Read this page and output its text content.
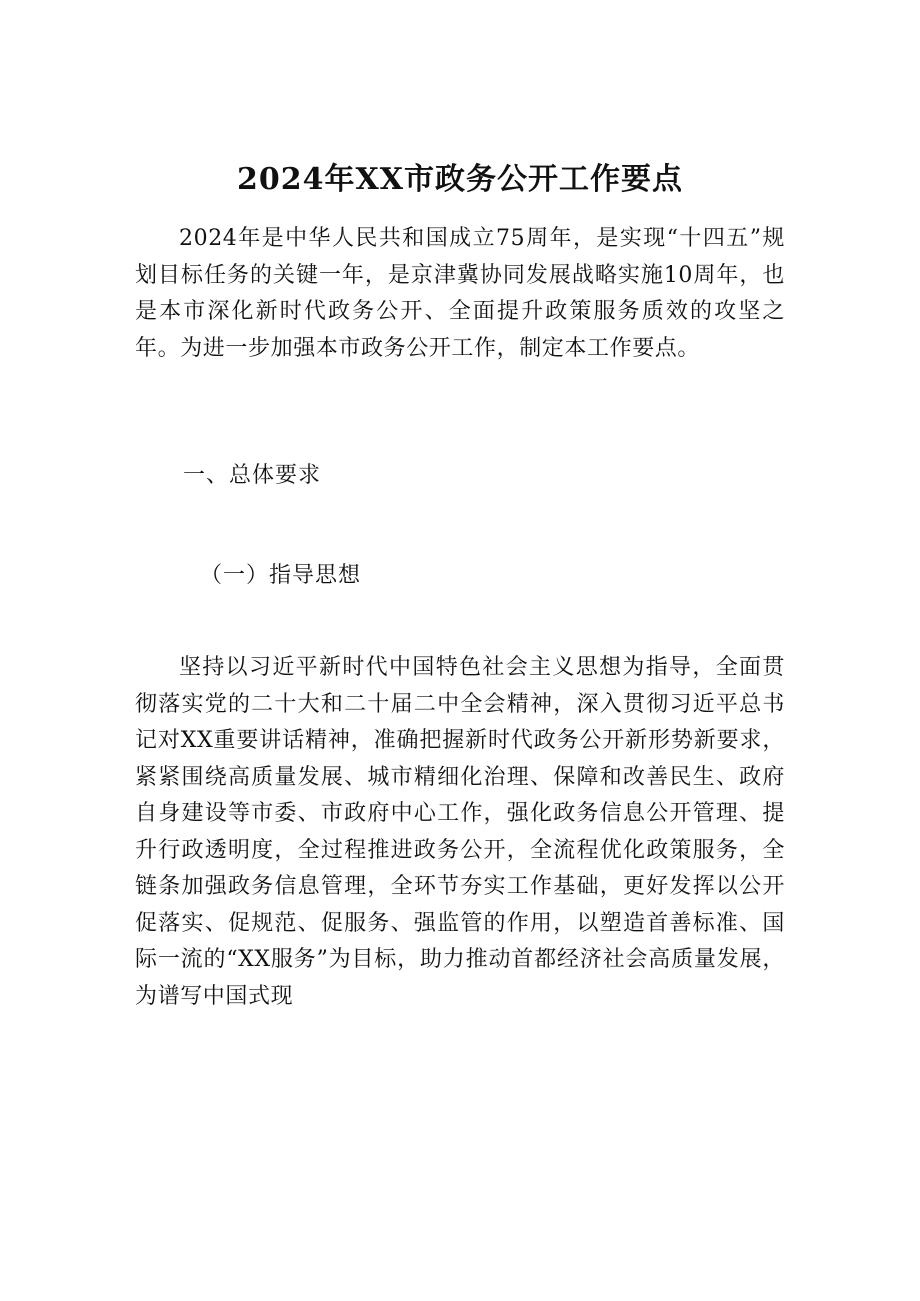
2024年XX市政务公开工作要点

2024年是中华人民共和国成立75周年，是实现“十四五”规划目标任务的关键一年，是京津冀协同发展战略实施10周年，也是本市深化新时代政务公开、全面提升政策服务质效的攻坚之年。为进一步加强本市政务公开工作，制定本工作要点。

一、总体要求
（一）指导思想

坚持以习近平新时代中国特色社会主义思想为指导，全面贯彻落实党的二十大和二十届二中全会精神，深入贯彻习近平总书记对XX重要讲话精神，准确把握新时代政务公开新形势新要求，紧紧围绕高质量发展、城市精细化治理、保障和改善民生、政府自身建设等市委、市政府中心工作，强化政务信息公开管理、提升行政透明度，全过程推进政务公开，全流程优化政策服务，全链条加强政务信息管理，全环节夯实工作基础，更好发挥以公开促落实、促规范、促服务、强监管的作用，以塑造首善标准、国际一流的“XX服务”为目标，助力推动首都经济社会高质量发展，为谱写中国式现
